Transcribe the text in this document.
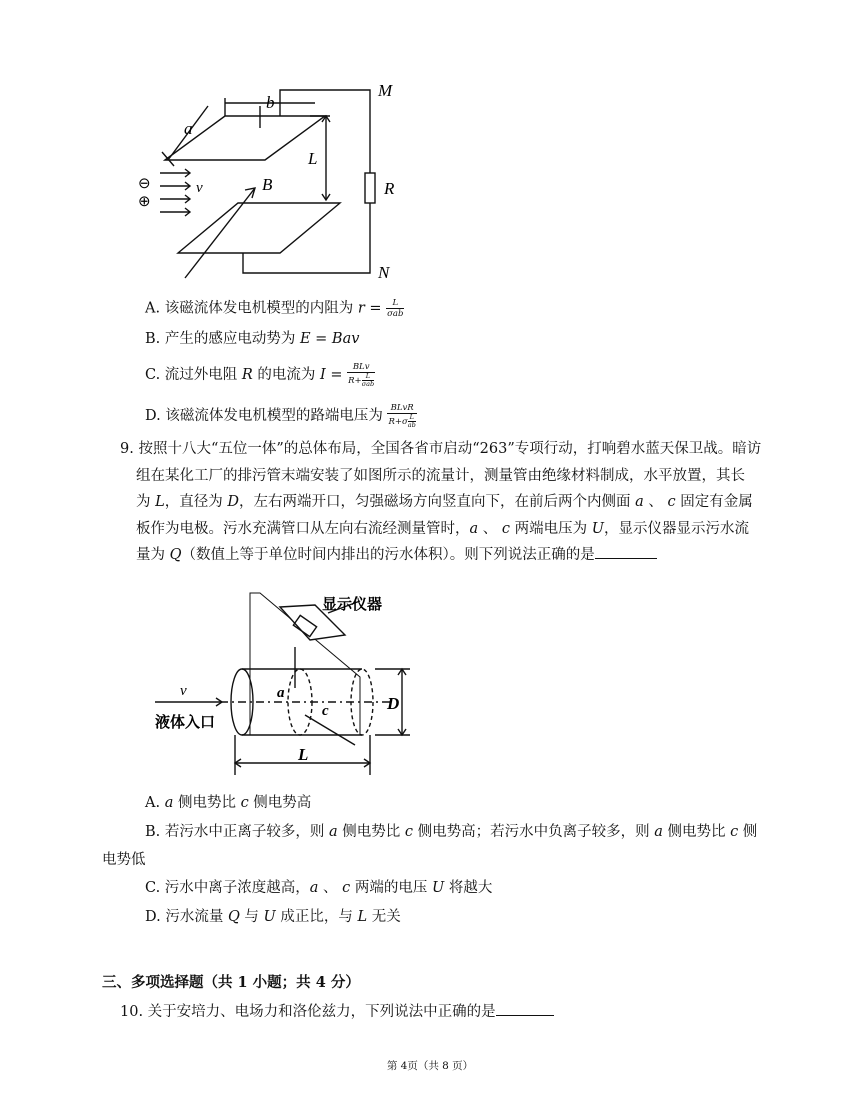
M
R
N
b
a
L
B
v
⊖
⊕
A. 该磁流体发电机模型的内阻为 $r = \frac{L}{\text{σab}}$
B. 产生的感应电动势为 E = Bav
C. 流过外电阻 R 的电流为 I = BLv
R+ L
σab
D. 该磁流体发电机模型的路端电压为 $\frac{\text{BLvR}}{R+\sigma \frac{L}{ab}}$
9. 按照十八大“五位一体”的总体布局，全国各省市启动“263”专项行动，打响碧水蓝天保卫战。暗访
组在某化工厂的排污管末端安装了如图所示的流量计，测量管由绝缘材料制成，水平放置，其长
为 L，直径为 D，左右两端开口，匀强磁场方向竖直向下，在前后两个内侧面 a 、 c 固定有金属
板作为电极。污水充满管口从左向右流经测量管时，a 、 c 两端电压为 U，显示仪器显示污水流
量为 Q（数值上等于单位时间内排出的污水体积）。则下列说法正确的是
显示仪器
液体入口
v	a
c	D
L
A. a 侧电势比 c 侧电势高
B. 若污水中正离子较多，则 a 侧电势比 c 侧电势高；若污水中负离子较多，则 a 侧电势比 c 侧
电势低
C. 污水中离子浓度越高，a 、 c 两端的电压 U 将越大
D. 污水流量 Q 与 U 成正比，与 L 无关
三、多项选择题（共 1 小题；共 4 分）
10. 关于安培力、电场力和洛伦兹力，下列说法中正确的是
第 4页（共 8 页）
